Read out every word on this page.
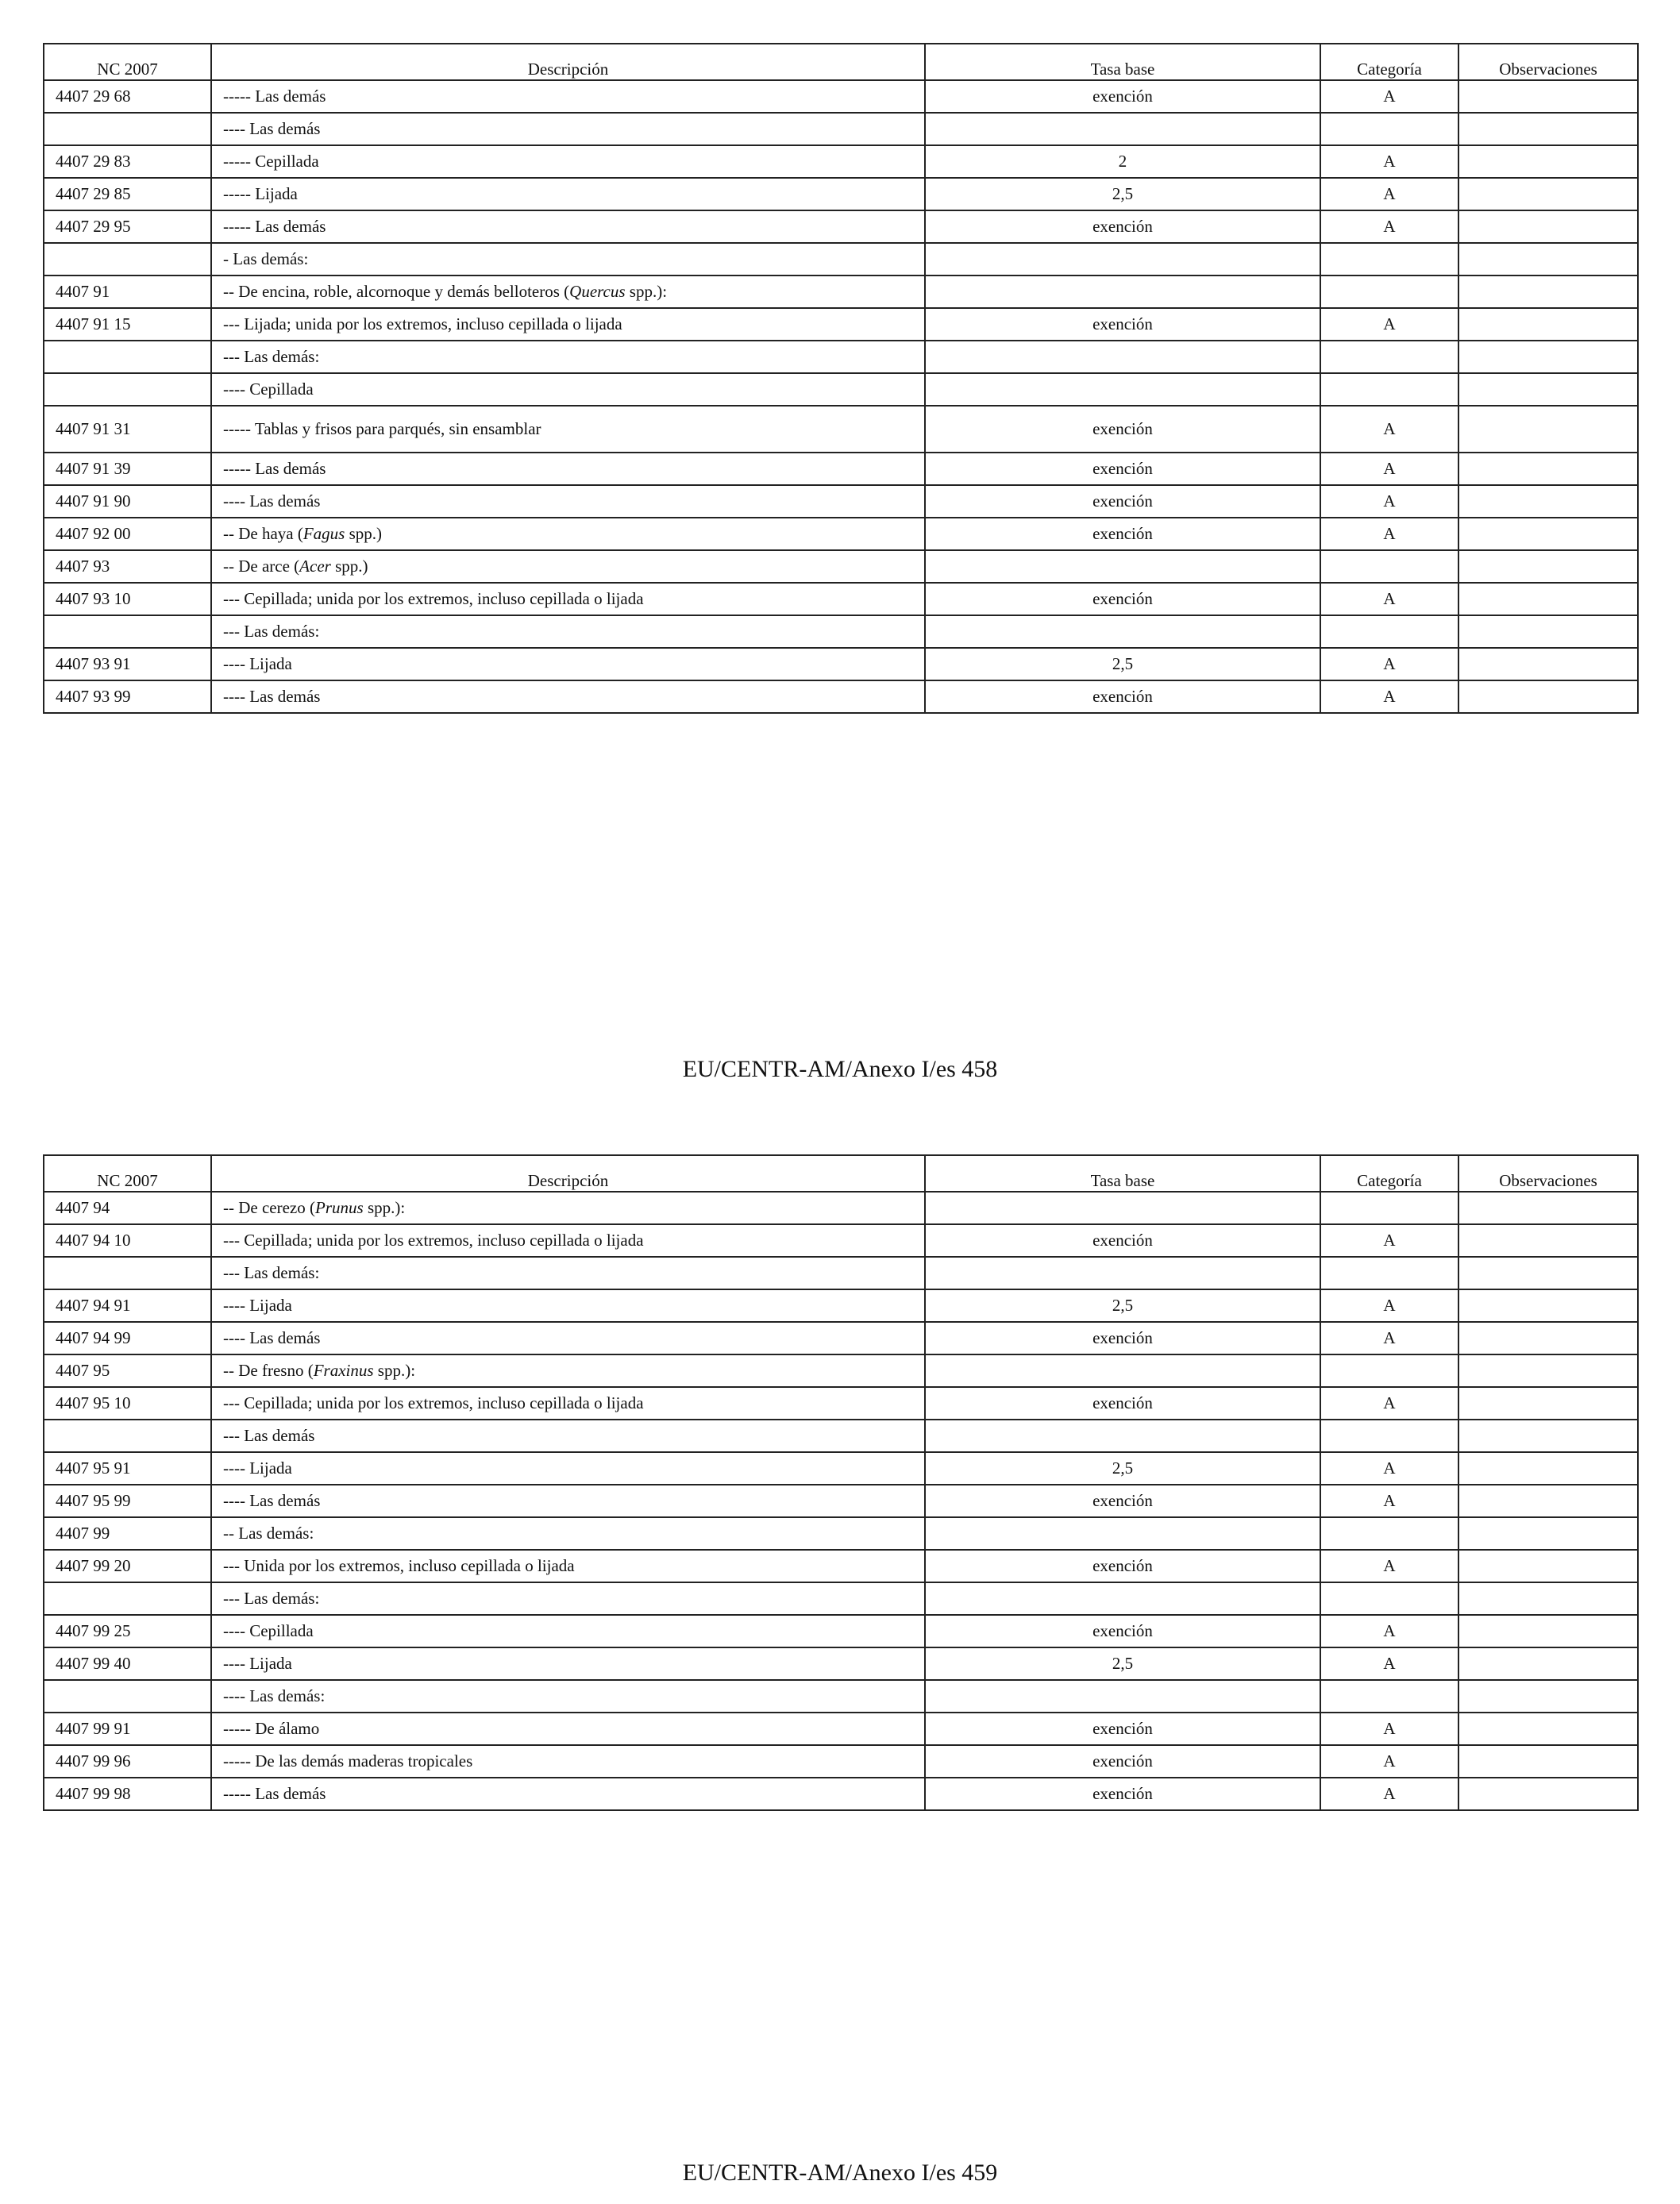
NC 2007	Descripción	Tasa base	Categoría	Observaciones
4407 29 68	----- Las demás	exención	A	
	---- Las demás			
4407 29 83	----- Cepillada	2	A	
4407 29 85	----- Lijada	2,5	A	
4407 29 95	----- Las demás	exención	A	
	- Las demás:			
4407 91	-- De encina, roble, alcornoque y demás belloteros (Quercus spp.):			
4407 91 15	--- Lijada; unida por los extremos, incluso cepillada o lijada	exención	A	
	--- Las demás:			
	---- Cepillada			
4407 91 31	----- Tablas y frisos para parqués, sin ensamblar	exención	A	
4407 91 39	----- Las demás	exención	A	
4407 91 90	---- Las demás	exención	A	
4407 92 00	-- De haya (Fagus spp.)	exención	A	
4407 93	-- De arce (Acer spp.)			
4407 93 10	--- Cepillada; unida por los extremos, incluso cepillada o lijada	exención	A	
	--- Las demás:			
4407 93 91	---- Lijada	2,5	A	
4407 93 99	---- Las demás	exención	A	
EU/CENTR-AM/Anexo I/es 458
NC 2007	Descripción	Tasa base	Categoría	Observaciones
4407 94	-- De cerezo (Prunus spp.):			
4407 94 10	--- Cepillada; unida por los extremos, incluso cepillada o lijada	exención	A	
	--- Las demás:			
4407 94 91	---- Lijada	2,5	A	
4407 94 99	---- Las demás	exención	A	
4407 95	-- De fresno (Fraxinus spp.):			
4407 95 10	--- Cepillada; unida por los extremos, incluso cepillada o lijada	exención	A	
	--- Las demás			
4407 95 91	---- Lijada	2,5	A	
4407 95 99	---- Las demás	exención	A	
4407 99	-- Las demás:			
4407 99 20	--- Unida por los extremos, incluso cepillada o lijada	exención	A	
	--- Las demás:			
4407 99 25	---- Cepillada	exención	A	
4407 99 40	---- Lijada	2,5	A	
	---- Las demás:			
4407 99 91	----- De álamo	exención	A	
4407 99 96	----- De las demás maderas tropicales	exención	A	
4407 99 98	----- Las demás	exención	A	
EU/CENTR-AM/Anexo I/es 459
